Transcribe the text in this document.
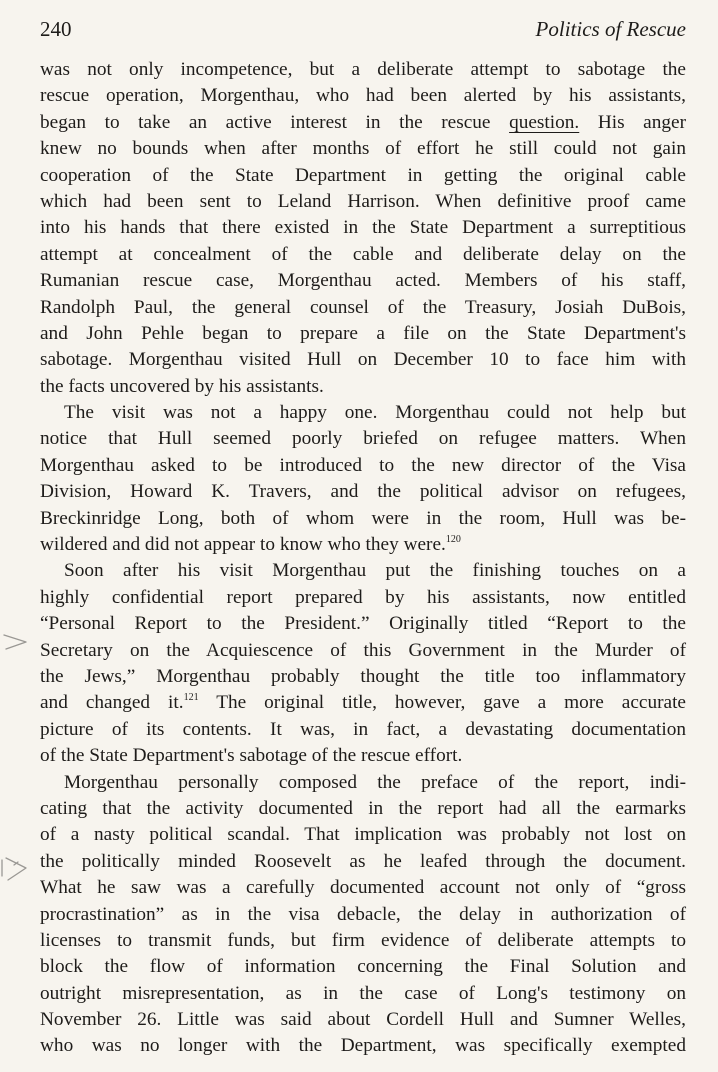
240	Politics of Rescue
was not only incompetence, but a deliberate attempt to sabotage the
rescue operation, Morgenthau, who had been alerted by his assistants,
began to take an active interest in the rescue question. His anger
knew no bounds when after months of effort he still could not gain
cooperation of the State Department in getting the original cable
which had been sent to Leland Harrison. When definitive proof came
into his hands that there existed in the State Department a surreptitious
attempt at concealment of the cable and deliberate delay on the
Rumanian rescue case, Morgenthau acted. Members of his staff,
Randolph Paul, the general counsel of the Treasury, Josiah DuBois,
and John Pehle began to prepare a file on the State Department's
sabotage. Morgenthau visited Hull on December 10 to face him with
the facts uncovered by his assistants.
The visit was not a happy one. Morgenthau could not help but
notice that Hull seemed poorly briefed on refugee matters. When
Morgenthau asked to be introduced to the new director of the Visa
Division, Howard K. Travers, and the political advisor on refugees,
Breckinridge Long, both of whom were in the room, Hull was be-
wildered and did not appear to know who they were.$^{120}$
Soon after his visit Morgenthau put the finishing touches on a
highly confidential report prepared by his assistants, now entitled
“Personal Report to the President.” Originally titled “Report to the
Secretary on the Acquiescence of this Government in the Murder of
the Jews,” Morgenthau probably thought the title too inflammatory
and changed it.$^{121}$ The original title, however, gave a more accurate
picture of its contents. It was, in fact, a devastating documentation
of the State Department's sabotage of the rescue effort.
Morgenthau personally composed the preface of the report, indi-
cating that the activity documented in the report had all the earmarks
of a nasty political scandal. That implication was probably not lost on
the politically minded Roosevelt as he leafed through the document.
What he saw was a carefully documented account not only of “gross
procrastination” as in the visa debacle, the delay in authorization of
licenses to transmit funds, but firm evidence of deliberate attempts to
block the flow of information concerning the Final Solution and
outright misrepresentation, as in the case of Long's testimony on
November 26. Little was said about Cordell Hull and Sumner Welles,
who was no longer with the Department, was specifically exempted
